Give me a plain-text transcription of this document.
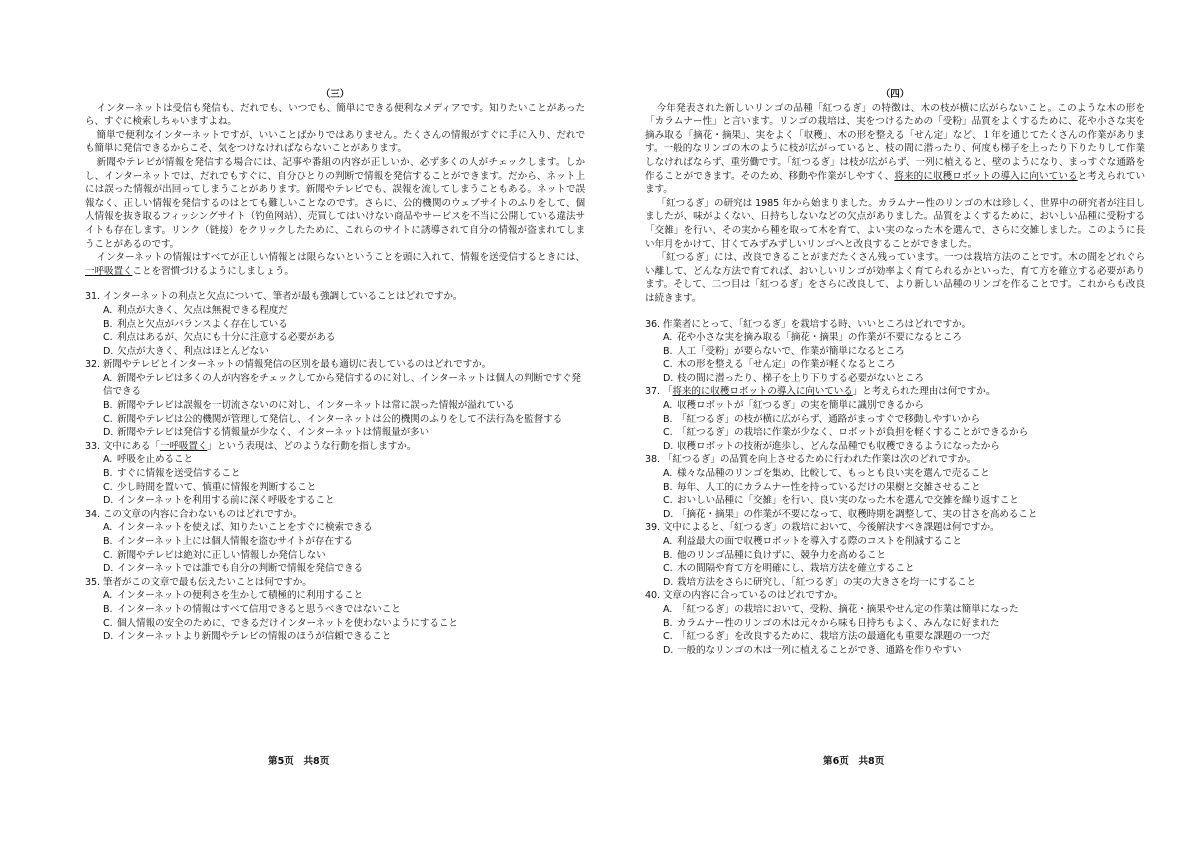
（三）

インターネットは受信も発信も、だれでも、いつでも、簡単にできる便利なメディアです。知りたいことがあったら、すぐに検索しちゃいますよね。

簡単で便利なインターネットですが、いいことばかりではありません。たくさんの情報がすぐに手に入り、だれでも簡単に発信できるからこそ、気をつけなければならないことがあります。

新聞やテレビが情報を発信する場合には、記事や番組の内容が正しいか、必ず多くの人がチェックします。しかし、インターネットでは、だれでもすぐに、自分ひとりの判断で情報を発信することができます。だから、ネット上には誤った情報が出回ってしまうことがあります。新聞やテレビでも、誤報を流してしまうこともある。ネットで誤報なく、正しい情報を発信するのはとても難しいことなのです。さらに、公的機関のウェブサイトのふりをして、個人情報を抜き取るフィッシングサイト（钓鱼网站）、売買してはいけない商品やサービスを不当に公開している違法サイトも存在します。リンク（链接）をクリックしたために、これらのサイトに誘導されて自分の情報が盗まれてしまうことがあるのです。

インターネットの情報はすべてが正しい情報とは限らないということを頭に入れて、情報を送受信するときには、一呼吸置くことを習慣づけるようにしましょう。

31. インターネットの利点と欠点について、筆者が最も強調していることはどれですか。

A. 利点が大きく、欠点は無視できる程度だ

B. 利点と欠点がバランスよく存在している

C. 利点はあるが、欠点にも十分に注意する必要がある

D. 欠点が大きく、利点はほとんどない

32. 新聞やテレビとインターネットの情報発信の区別を最も適切に表しているのはどれですか。

A. 新聞やテレビは多くの人が内容をチェックしてから発信するのに対し、インターネットは個人の判断ですぐ発信できる

B. 新聞やテレビは誤報を一切流さないのに対し、インターネットは常に誤った情報が溢れている

C. 新聞やテレビは公的機関が管理して発信し、インターネットは公的機関のふりをして不法行為を監督する

D. 新聞やテレビは発信する情報量が少なく、インターネットは情報量が多い

33. 文中にある「一呼吸置く」という表現は、どのような行動を指しますか。

A. 呼吸を止めること

B. すぐに情報を送受信すること

C. 少し時間を置いて、慎重に情報を判断すること

D. インターネットを利用する前に深く呼吸をすること

34. この文章の内容に合わないものはどれですか。

A. インターネットを使えば、知りたいことをすぐに検索できる

B. インターネット上には個人情報を盗むサイトが存在する

C. 新聞やテレビは絶対に正しい情報しか発信しない

D. インターネットでは誰でも自分の判断で情報を発信できる

35. 筆者がこの文章で最も伝えたいことは何ですか。

A. インターネットの便利さを生かして積極的に利用すること

B. インターネットの情報はすべて信用できると思うべきではないこと

C. 個人情報の安全のために、できるだけインターネットを使わないようにすること

D. インターネットより新聞やテレビの情報のほうが信頼できること

第5页　共8页
（四）

今年発表された新しいリンゴの品種「紅つるぎ」の特徴は、木の枝が横に広がらないこと。このような木の形を「カラムナー性」と言います。リンゴの栽培は、実をつけるための「受粉」品質をよくするために、花や小さな実を摘み取る「摘花・摘果」、実をよく「収穫」、木の形を整える「せん定」など、１年を通じてたくさんの作業があります。一般的なリンゴの木のように枝が広がっていると、枝の間に潜ったり、何度も梯子を上ったり下りたりして作業しなければならず、重労働です。「紅つるぎ」は枝が広がらず、一列に植えると、壁のようになり、まっすぐな通路を作ることができます。そのため、移動や作業がしやすく、将来的に収穫ロボットの導入に向いていると考えられています。

「紅つるぎ」の研究は 1985 年から始まりました。カラムナー性のリンゴの木は珍しく、世界中の研究者が注目しましたが、味がよくない、日持ちしないなどの欠点がありました。品質をよくするために、おいしい品種に受粉する「交雑」を行い、その実から種を取って木を育て、よい実のなった木を選んで、さらに交雑しました。このように長い年月をかけて、甘くてみずみずしいリンゴへと改良することができました。

「紅つるぎ」には、改良できることがまだたくさん残っています。一つは栽培方法のことです。木の間をどれぐらい離して、どんな方法で育てれば、おいしいリンゴが効率よく育てられるかといった、育て方を確立する必要があります。そして、二つ目は「紅つるぎ」をさらに改良して、より新しい品種のリンゴを作ることです。これからも改良は続きます。

36. 作業者にとって、「紅つるぎ」を栽培する時、いいところはどれですか。

A. 花や小さな実を摘み取る「摘花・摘果」の作業が不要になるところ

B. 人工「受粉」が要らないで、作業が簡単になるところ

C. 木の形を整える「せん定」の作業が軽くなるところ

D. 枝の間に潜ったり、梯子を上り下りする必要がないところ

37. 「将来的に収穫ロボットの導入に向いている」と考えられた理由は何ですか。

A. 収穫ロボットが「紅つるぎ」の実を簡単に識別できるから

B. 「紅つるぎ」の枝が横に広がらず、通路がまっすぐで移動しやすいから

C. 「紅つるぎ」の栽培に作業が少なく、ロボットが負担を軽くすることができるから

D. 収穫ロボットの技術が進歩し、どんな品種でも収穫できるようになったから

38. 「紅つるぎ」の品質を向上させるために行われた作業は次のどれですか。

A. 様々な品種のリンゴを集め、比較して、もっとも良い実を選んで売ること

B. 毎年、人工的にカラムナー性を持っているだけの果樹と交雑させること

C. おいしい品種に「交雑」を行い、良い実のなった木を選んで交雑を繰り返すこと

D. 「摘花・摘果」の作業が不要になって、収穫時期を調整して、実の甘さを高めること

39. 文中によると、「紅つるぎ」の栽培において、今後解決すべき課題は何ですか。

A. 利益最大の面で収穫ロボットを導入する際のコストを削減すること

B. 他のリンゴ品種に負けずに、競争力を高めること

C. 木の間隔や育て方を明確にし、栽培方法を確立すること

D. 栽培方法をさらに研究し、「紅つるぎ」の実の大きさを均一にすること

40. 文章の内容に合っているのはどれですか。

A. 「紅つるぎ」の栽培において、受粉、摘花・摘果やせん定の作業は簡単になった

B. カラムナー性のリンゴの木は元々から味も日持ちもよく、みんなに好まれた

C. 「紅つるぎ」を改良するために、栽培方法の最適化も重要な課題の一つだ

D. 一般的なリンゴの木は一列に植えることができ、通路を作りやすい

第6页　共8页
